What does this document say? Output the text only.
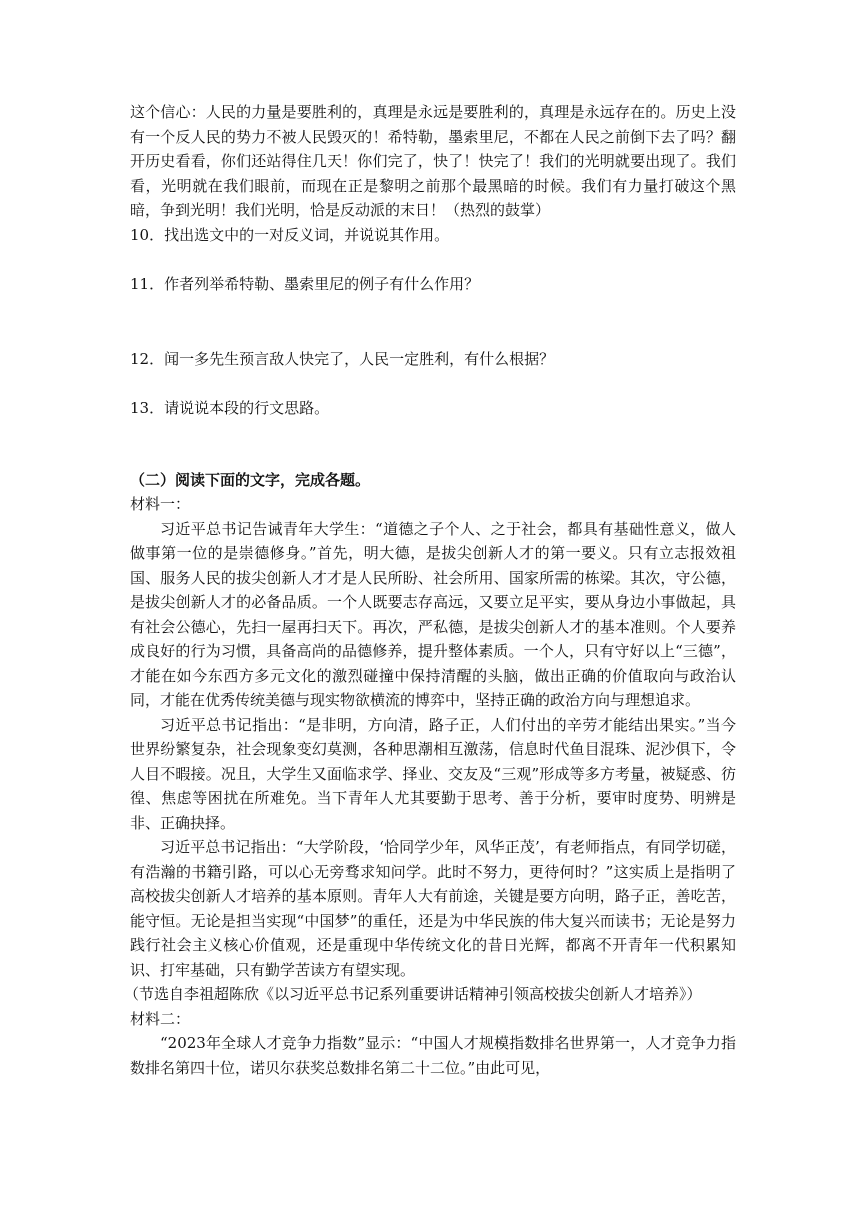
这个信心：人民的力量是要胜利的，真理是永远是要胜利的，真理是永远存在的。历史上没有一个反人民的势力不被人民毁灭的！希特勒，墨索里尼，不都在人民之前倒下去了吗？翻开历史看看，你们还站得住几天！你们完了，快了！快完了！我们的光明就要出现了。我们看，光明就在我们眼前，而现在正是黎明之前那个最黑暗的时候。我们有力量打破这个黑暗，争到光明！我们光明，恰是反动派的末日！（热烈的鼓掌）

10．找出选文中的一对反义词，并说说其作用。

11．作者列举希特勒、墨索里尼的例子有什么作用？

12．闻一多先生预言敌人快完了，人民一定胜利，有什么根据？

13．请说说本段的行文思路。

（二）阅读下面的文字，完成各题。

材料一：

习近平总书记告诫青年大学生：“道德之子个人、之于社会，都具有基础性意义，做人做事第一位的是崇德修身。”首先，明大德，是拔尖创新人才的第一要义。只有立志报效祖国、服务人民的拔尖创新人才才是人民所盼、社会所用、国家所需的栋梁。其次，守公德，是拔尖创新人才的必备品质。一个人既要志存高远，又要立足平实，要从身边小事做起，具有社会公德心，先扫一屋再扫天下。再次，严私德，是拔尖创新人才的基本准则。个人要养成良好的行为习惯，具备高尚的品德修养，提升整体素质。一个人，只有守好以上“三德”，才能在如今东西方多元文化的激烈碰撞中保持清醒的头脑，做出正确的价值取向与政治认同，才能在优秀传统美德与现实物欲横流的博弈中，坚持正确的政治方向与理想追求。

习近平总书记指出：“是非明，方向清，路子正，人们付出的辛劳才能结出果实。”当今世界纷繁复杂，社会现象变幻莫测，各种思潮相互激荡，信息时代鱼目混珠、泥沙俱下，令人目不暇接。况且，大学生又面临求学、择业、交友及“三观”形成等多方考量，被疑惑、彷徨、焦虑等困扰在所难免。当下青年人尤其要勤于思考、善于分析，要审时度势、明辨是非、正确抉择。

习近平总书记指出：“大学阶段，‘恰同学少年，风华正茂’，有老师指点，有同学切磋，有浩瀚的书籍引路，可以心无旁骛求知问学。此时不努力，更待何时？”这实质上是指明了高校拔尖创新人才培养的基本原则。青年人大有前途，关键是要方向明，路子正，善吃苦，能守恒。无论是担当实现“中国梦”的重任，还是为中华民族的伟大复兴而读书；无论是努力践行社会主义核心价值观，还是重现中华传统文化的昔日光辉，都离不开青年一代积累知识、打牢基础，只有勤学苦读方有望实现。

（节选自李祖超陈欣《以习近平总书记系列重要讲话精神引领高校拔尖创新人才培养》）

材料二：

“2023年全球人才竞争力指数”显示：“中国人才规模指数排名世界第一，人才竞争力指数排名第四十位，诺贝尔获奖总数排名第二十二位。”由此可见，
